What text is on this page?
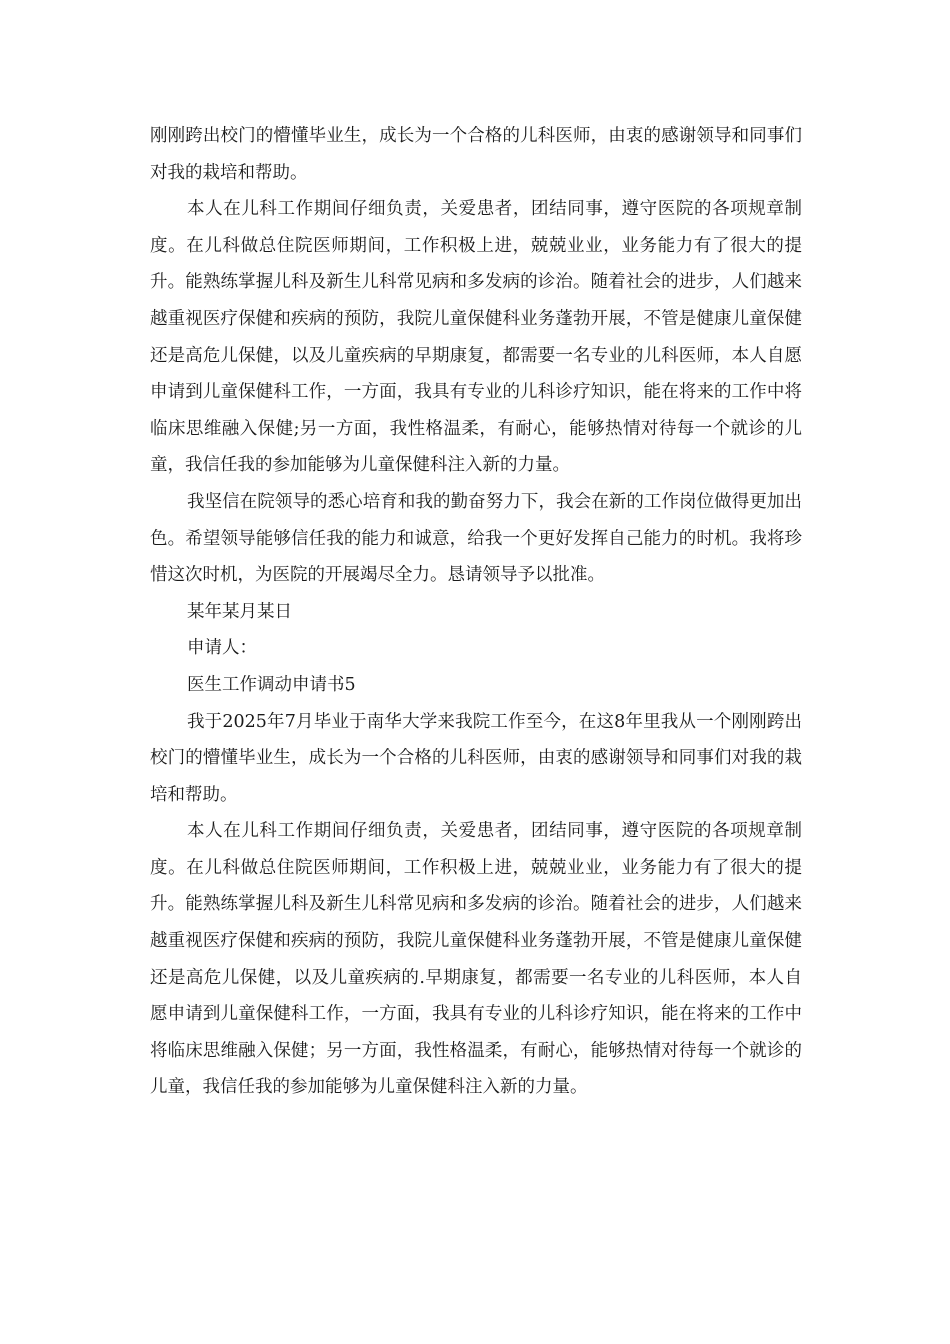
刚刚跨出校门的懵懂毕业生，成长为一个合格的儿科医师，由衷的感谢领导和同事们对我的栽培和帮助。

本人在儿科工作期间仔细负责，关爱患者，团结同事，遵守医院的各项规章制度。在儿科做总住院医师期间，工作积极上进，兢兢业业，业务能力有了很大的提升。能熟练掌握儿科及新生儿科常见病和多发病的诊治。随着社会的进步，人们越来越重视医疗保健和疾病的预防，我院儿童保健科业务蓬勃开展，不管是健康儿童保健还是高危儿保健，以及儿童疾病的早期康复，都需要一名专业的儿科医师，本人自愿申请到儿童保健科工作，一方面，我具有专业的儿科诊疗知识，能在将来的工作中将临床思维融入保健;另一方面，我性格温柔，有耐心，能够热情对待每一个就诊的儿童，我信任我的参加能够为儿童保健科注入新的力量。

我坚信在院领导的悉心培育和我的勤奋努力下，我会在新的工作岗位做得更加出色。希望领导能够信任我的能力和诚意，给我一个更好发挥自己能力的时机。我将珍惜这次时机，为医院的开展竭尽全力。恳请领导予以批准。

某年某月某日

申请人：

医生工作调动申请书5

我于2025年7月毕业于南华大学来我院工作至今，在这8年里我从一个刚刚跨出校门的懵懂毕业生，成长为一个合格的儿科医师，由衷的感谢领导和同事们对我的栽培和帮助。

本人在儿科工作期间仔细负责，关爱患者，团结同事，遵守医院的各项规章制度。在儿科做总住院医师期间，工作积极上进，兢兢业业，业务能力有了很大的提升。能熟练掌握儿科及新生儿科常见病和多发病的诊治。随着社会的进步，人们越来越重视医疗保健和疾病的预防，我院儿童保健科业务蓬勃开展，不管是健康儿童保健还是高危儿保健，以及儿童疾病的.早期康复，都需要一名专业的儿科医师，本人自愿申请到儿童保健科工作，一方面，我具有专业的儿科诊疗知识，能在将来的工作中将临床思维融入保健；另一方面，我性格温柔，有耐心，能够热情对待每一个就诊的儿童，我信任我的参加能够为儿童保健科注入新的力量。
